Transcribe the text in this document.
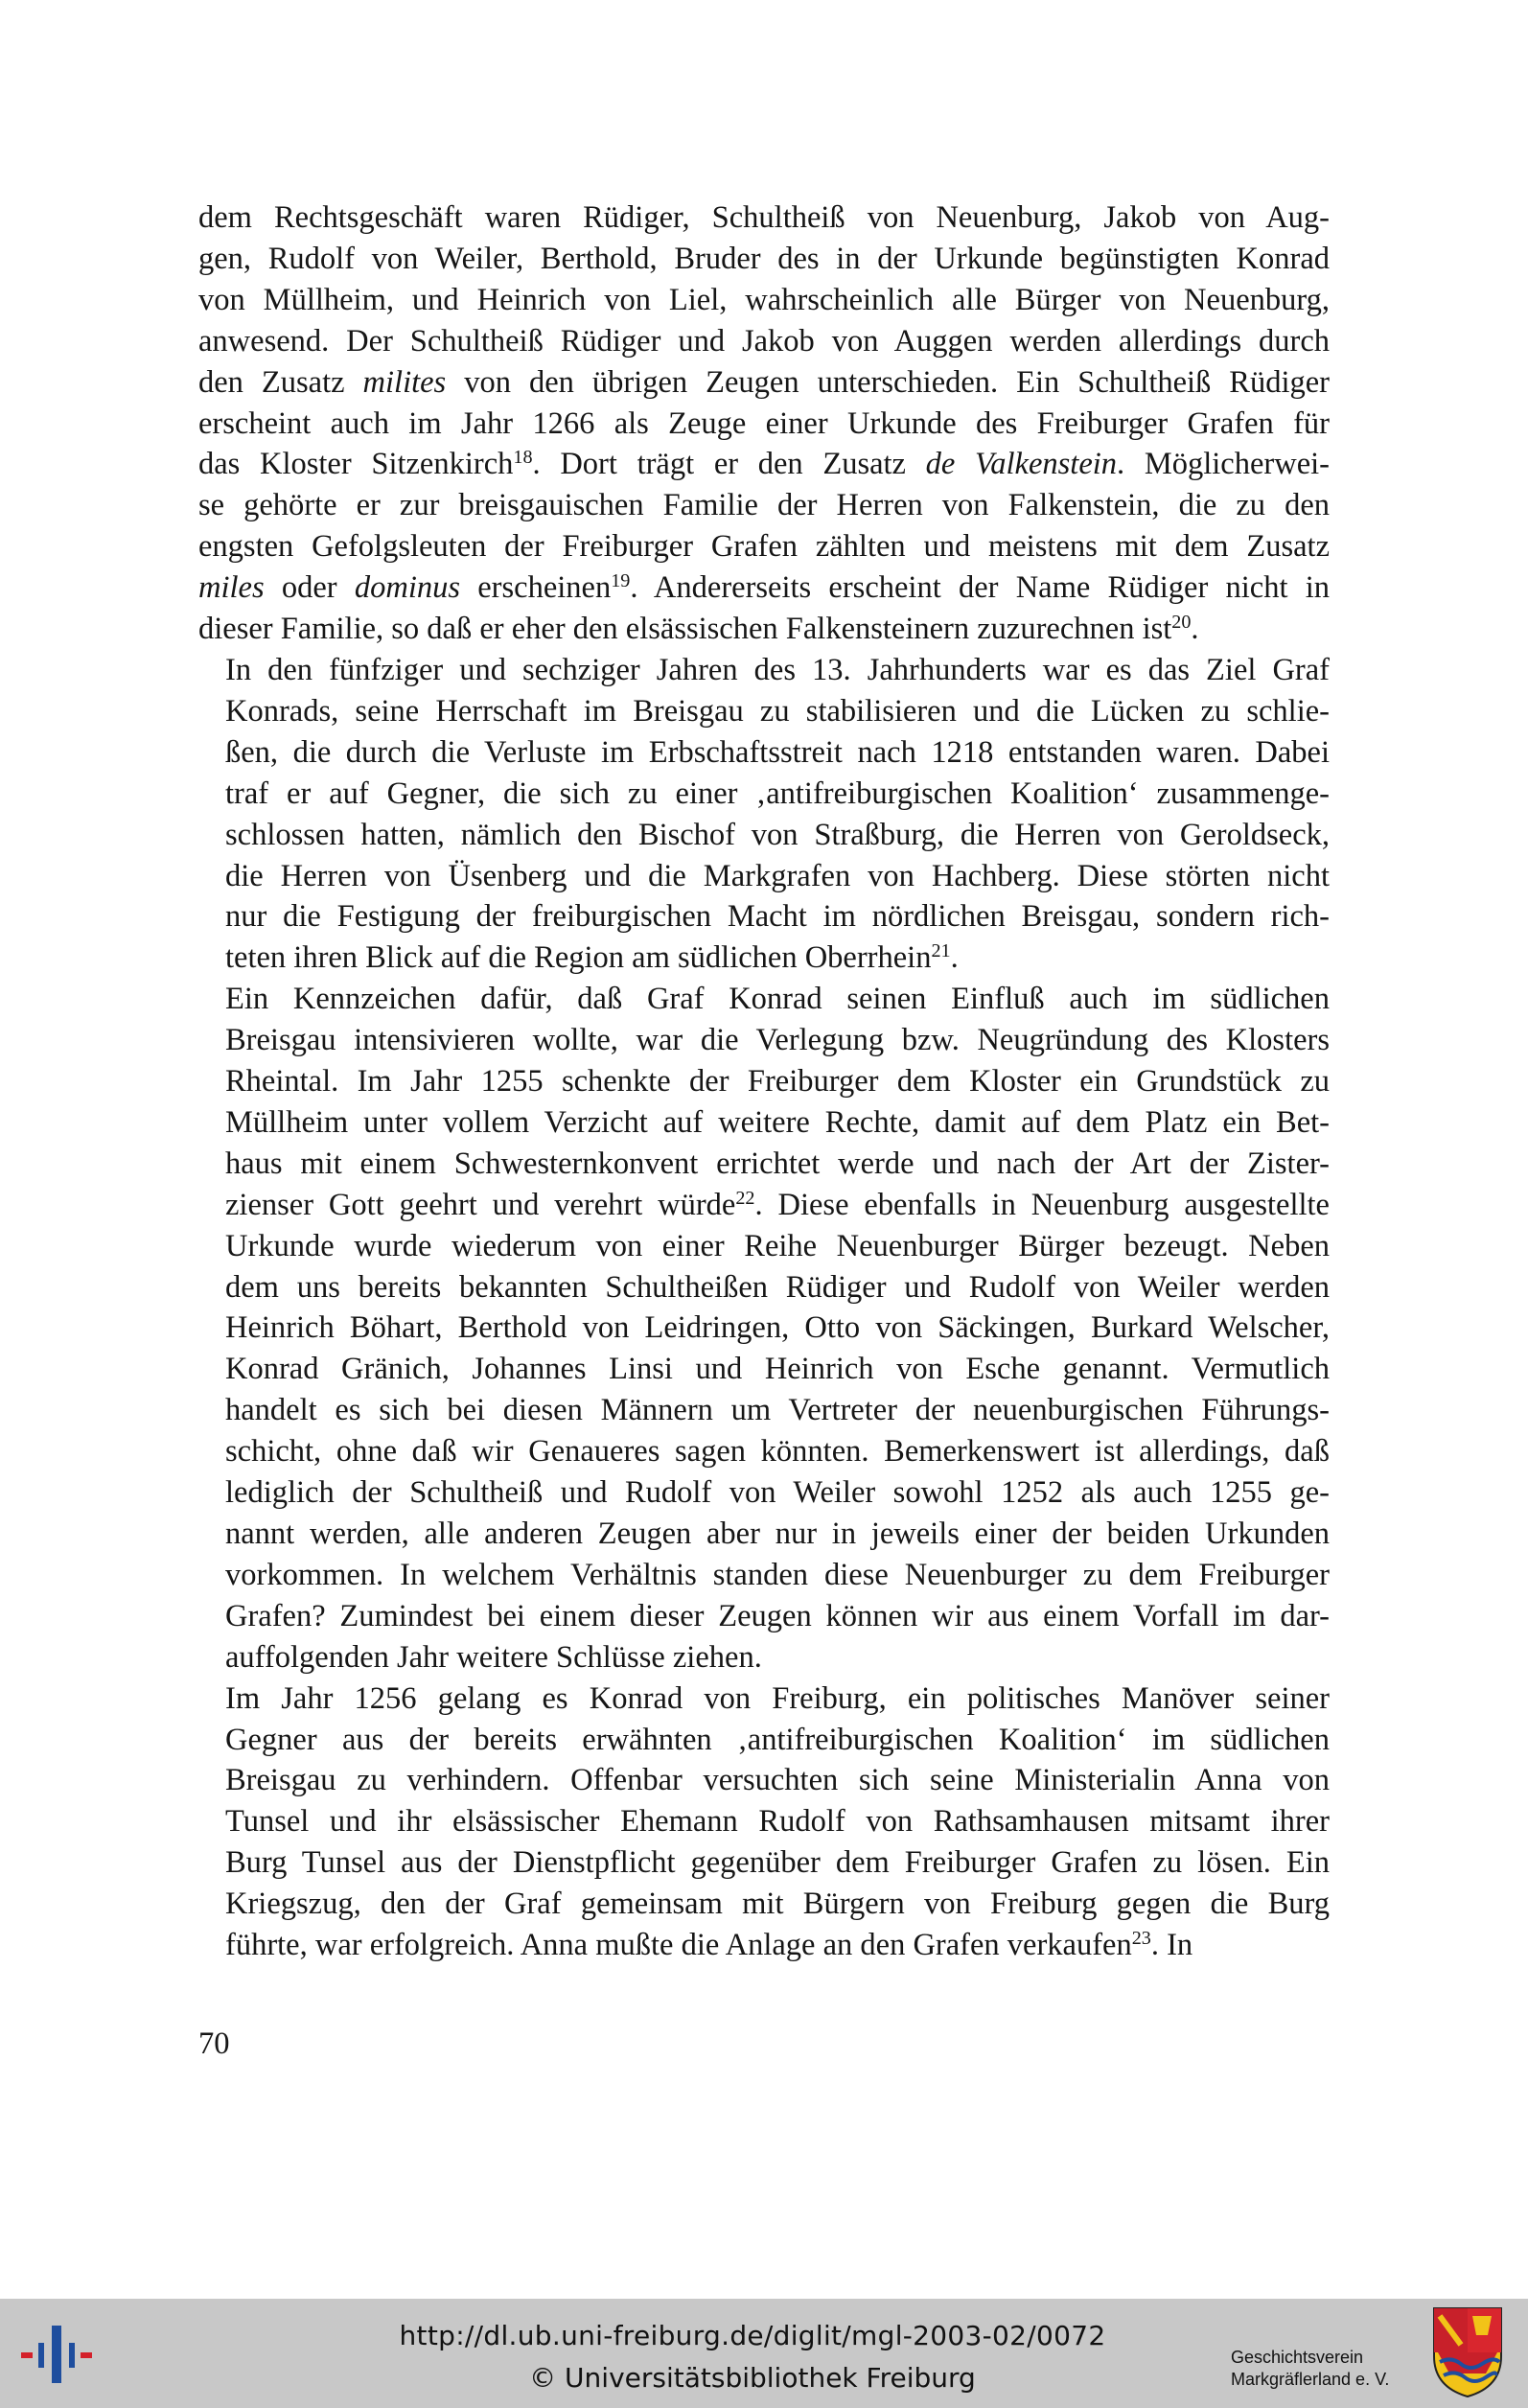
dem Rechtsgeschäft waren Rüdiger, Schultheiß von Neuenburg, Jakob von Aug-
gen, Rudolf von Weiler, Berthold, Bruder des in der Urkunde begünstigten Konrad
von Müllheim, und Heinrich von Liel, wahrscheinlich alle Bürger von Neuenburg,
anwesend. Der Schultheiß Rüdiger und Jakob von Auggen werden allerdings durch
den Zusatz milites von den übrigen Zeugen unterschieden. Ein Schultheiß Rüdiger
erscheint auch im Jahr 1266 als Zeuge einer Urkunde des Freiburger Grafen für
das Kloster Sitzenkirch$^{18}$. Dort trägt er den Zusatz de Valkenstein. Möglicherwei-
se gehörte er zur breisgauischen Familie der Herren von Falkenstein, die zu den
engsten Gefolgsleuten der Freiburger Grafen zählten und meistens mit dem Zusatz
miles oder dominus erscheinen$^{19}$. Andererseits erscheint der Name Rüdiger nicht in
dieser Familie, so daß er eher den elsässischen Falkensteinern zuzurechnen ist$^{20}$.

In den fünfziger und sechziger Jahren des 13. Jahrhunderts war es das Ziel Graf
Konrads, seine Herrschaft im Breisgau zu stabilisieren und die Lücken zu schlie-
ßen, die durch die Verluste im Erbschaftsstreit nach 1218 entstanden waren. Dabei
traf er auf Gegner, die sich zu einer ‚antifreiburgischen Koalition‘ zusammenge-
schlossen hatten, nämlich den Bischof von Straßburg, die Herren von Geroldseck,
die Herren von Üsenberg und die Markgrafen von Hachberg. Diese störten nicht
nur die Festigung der freiburgischen Macht im nördlichen Breisgau, sondern rich-
teten ihren Blick auf die Region am südlichen Oberrhein$^{21}$.

Ein Kennzeichen dafür, daß Graf Konrad seinen Einfluß auch im südlichen
Breisgau intensivieren wollte, war die Verlegung bzw. Neugründung des Klosters
Rheintal. Im Jahr 1255 schenkte der Freiburger dem Kloster ein Grundstück zu
Müllheim unter vollem Verzicht auf weitere Rechte, damit auf dem Platz ein Bet-
haus mit einem Schwesternkonvent errichtet werde und nach der Art der Zister-
zienser Gott geehrt und verehrt würde$^{22}$. Diese ebenfalls in Neuenburg ausgestellte
Urkunde wurde wiederum von einer Reihe Neuenburger Bürger bezeugt. Neben
dem uns bereits bekannten Schultheißen Rüdiger und Rudolf von Weiler werden
Heinrich Böhart, Berthold von Leidringen, Otto von Säckingen, Burkard Welscher,
Konrad Gränich, Johannes Linsi und Heinrich von Esche genannt. Vermutlich
handelt es sich bei diesen Männern um Vertreter der neuenburgischen Führungs-
schicht, ohne daß wir Genaueres sagen könnten. Bemerkenswert ist allerdings, daß
lediglich der Schultheiß und Rudolf von Weiler sowohl 1252 als auch 1255 ge-
nannt werden, alle anderen Zeugen aber nur in jeweils einer der beiden Urkunden
vorkommen. In welchem Verhältnis standen diese Neuenburger zu dem Freiburger
Grafen? Zumindest bei einem dieser Zeugen können wir aus einem Vorfall im dar-
auffolgenden Jahr weitere Schlüsse ziehen.

Im Jahr 1256 gelang es Konrad von Freiburg, ein politisches Manöver seiner
Gegner aus der bereits erwähnten ‚antifreiburgischen Koalition‘ im südlichen
Breisgau zu verhindern. Offenbar versuchten sich seine Ministerialin Anna von
Tunsel und ihr elsässischer Ehemann Rudolf von Rathsamhausen mitsamt ihrer
Burg Tunsel aus der Dienstpflicht gegenüber dem Freiburger Grafen zu lösen. Ein
Kriegszug, den der Graf gemeinsam mit Bürgern von Freiburg gegen die Burg
führte, war erfolgreich. Anna mußte die Anlage an den Grafen verkaufen$^{23}$. In

70
http://dl.ub.uni-freiburg.de/diglit/mgl-2003-02/0072
© Universitätsbibliothek Freiburg
Geschichtsverein
Markgräflerland e. V.
